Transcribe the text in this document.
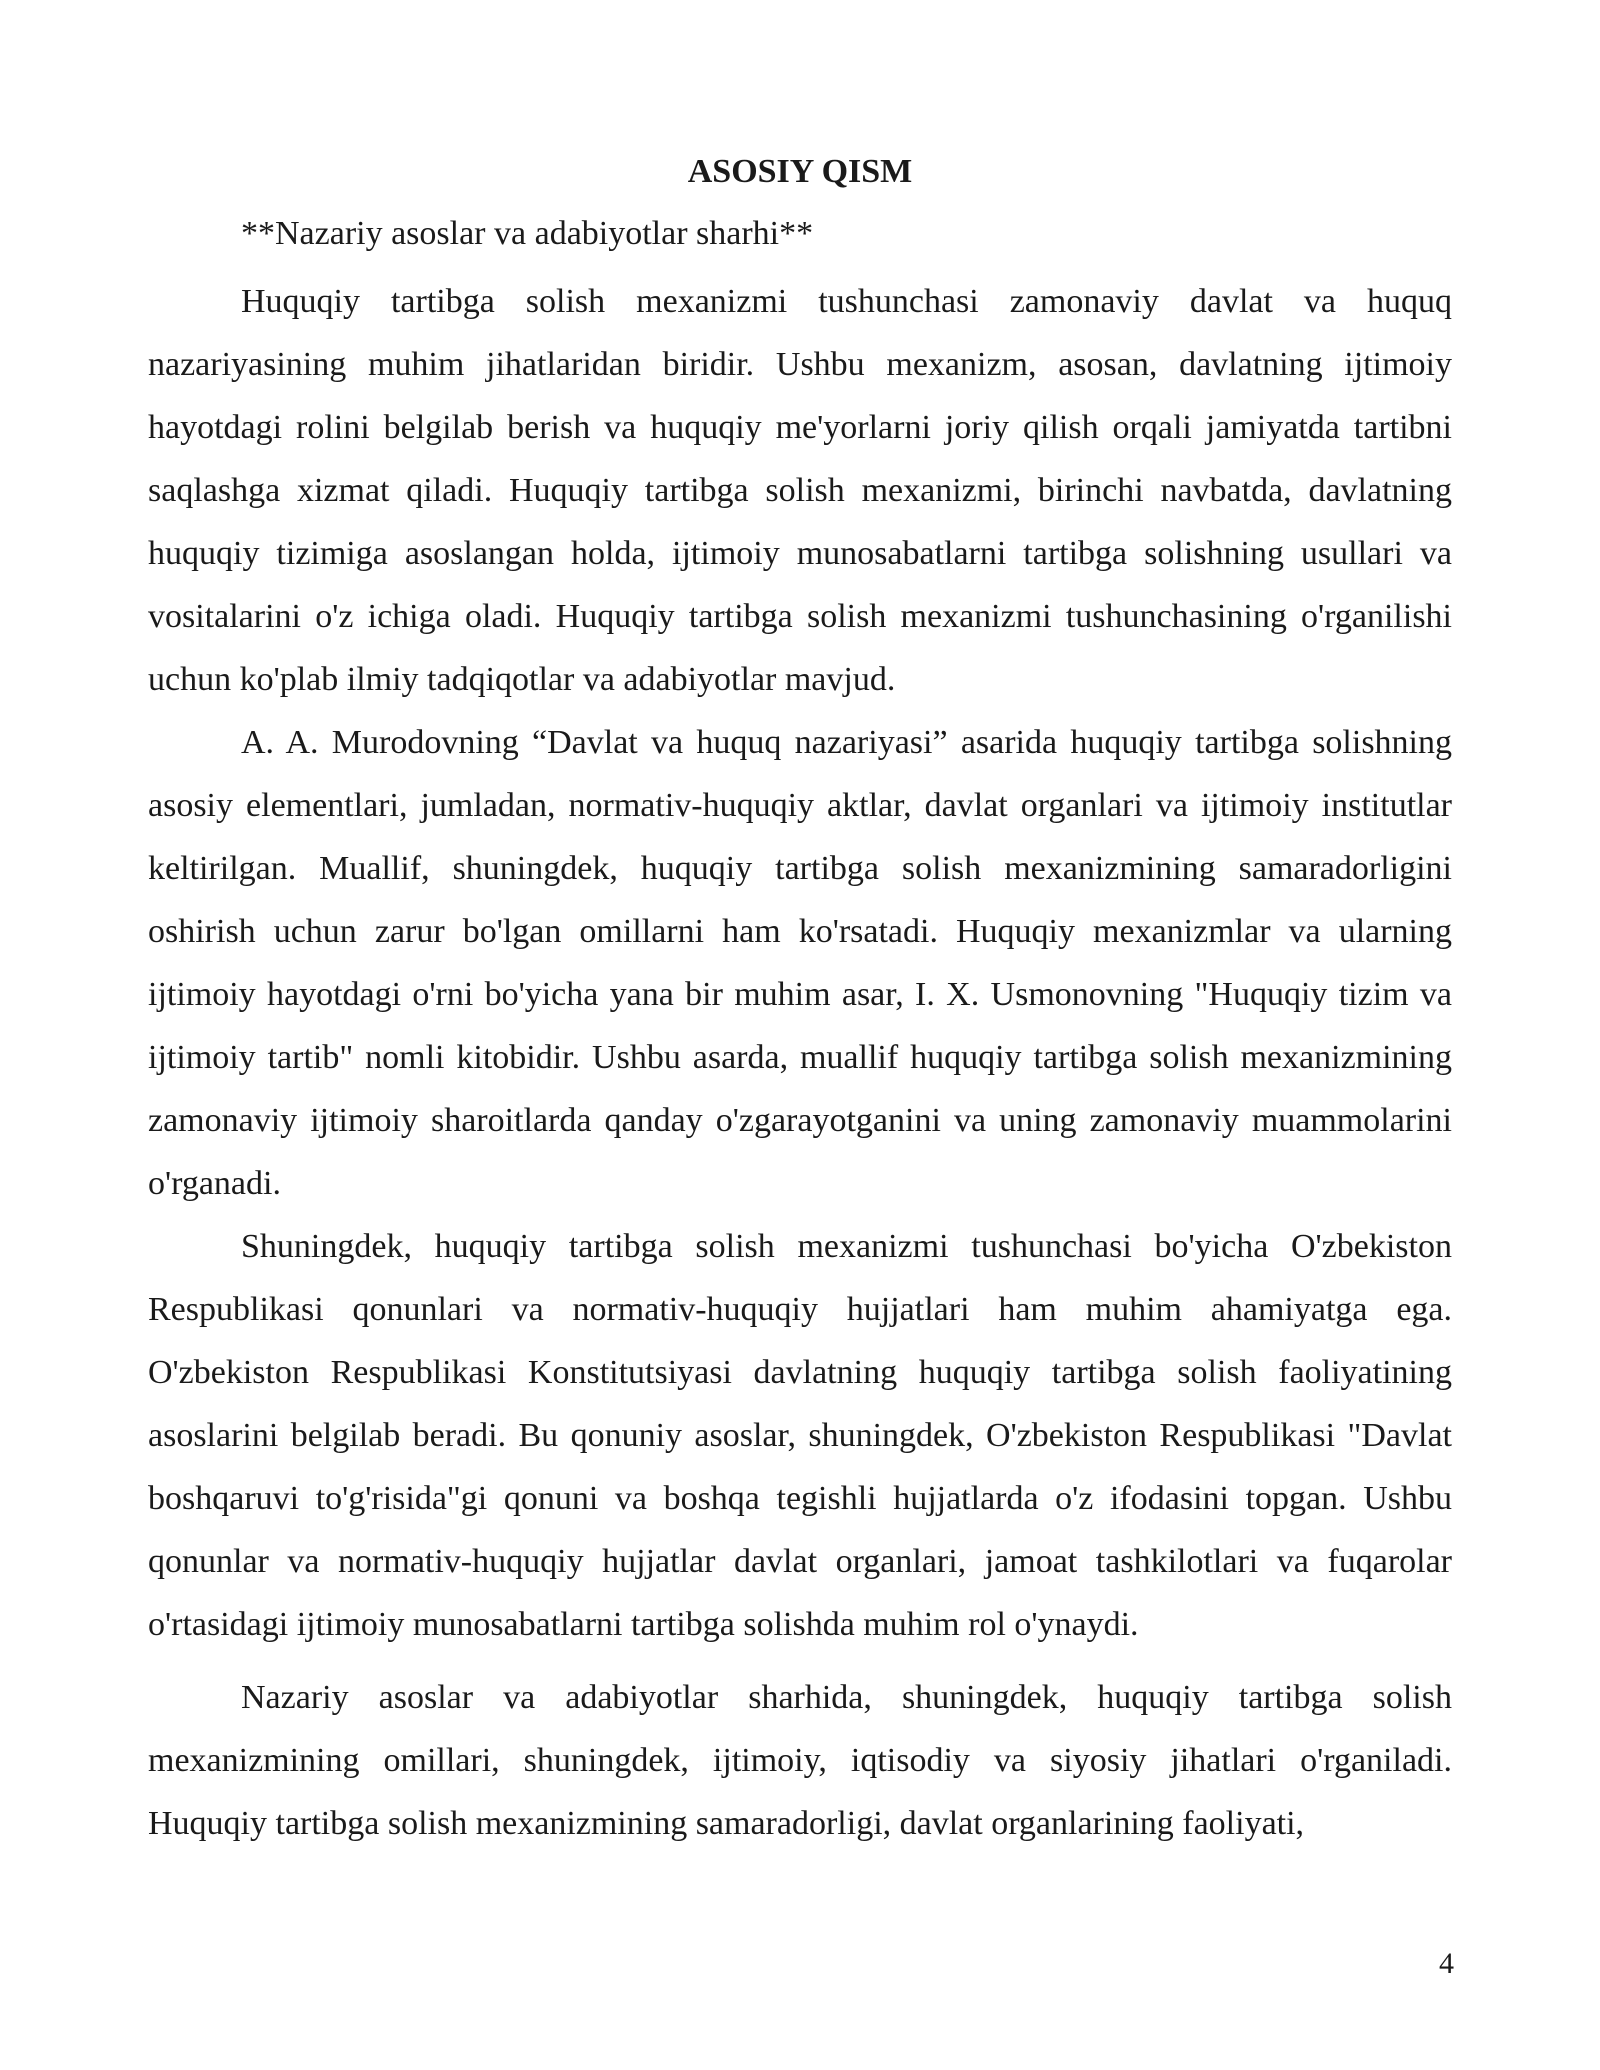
ASOSIY QISM

**Nazariy asoslar va adabiyotlar sharhi**

Huquqiy tartibga solish mexanizmi tushunchasi zamonaviy davlat va huquq nazariyasining muhim jihatlaridan biridir. Ushbu mexanizm, asosan, davlatning ijtimoiy hayotdagi rolini belgilab berish va huquqiy me'yorlarni joriy qilish orqali jamiyatda tartibni saqlashga xizmat qiladi. Huquqiy tartibga solish mexanizmi, birinchi navbatda, davlatning huquqiy tizimiga asoslangan holda, ijtimoiy munosabatlarni tartibga solishning usullari va vositalarini o'z ichiga oladi. Huquqiy tartibga solish mexanizmi tushunchasining o'rganilishi uchun ko'plab ilmiy tadqiqotlar va adabiyotlar mavjud.

A. A. Murodovning “Davlat va huquq nazariyasi” asarida huquqiy tartibga solishning asosiy elementlari, jumladan, normativ-huquqiy aktlar, davlat organlari va ijtimoiy institutlar keltirilgan. Muallif, shuningdek, huquqiy tartibga solish mexanizmining samaradorligini oshirish uchun zarur bo'lgan omillarni ham ko'rsatadi. Huquqiy mexanizmlar va ularning ijtimoiy hayotdagi o'rni bo'yicha yana bir muhim asar, I. X. Usmonovning "Huquqiy tizim va ijtimoiy tartib" nomli kitobidir. Ushbu asarda, muallif huquqiy tartibga solish mexanizmining zamonaviy ijtimoiy sharoitlarda qanday o'zgarayotganini va uning zamonaviy muammolarini o'rganadi.

Shuningdek, huquqiy tartibga solish mexanizmi tushunchasi bo'yicha O'zbekiston Respublikasi qonunlari va normativ-huquqiy hujjatlari ham muhim ahamiyatga ega. O'zbekiston Respublikasi Konstitutsiyasi davlatning huquqiy tartibga solish faoliyatining asoslarini belgilab beradi. Bu qonuniy asoslar, shuningdek, O'zbekiston Respublikasi "Davlat boshqaruvi to'g'risida"gi qonuni va boshqa tegishli hujjatlarda o'z ifodasini topgan. Ushbu qonunlar va normativ-huquqiy hujjatlar davlat organlari, jamoat tashkilotlari va fuqarolar o'rtasidagi ijtimoiy munosabatlarni tartibga solishda muhim rol o'ynaydi.

Nazariy asoslar va adabiyotlar sharhida, shuningdek, huquqiy tartibga solish mexanizmining omillari, shuningdek, ijtimoiy, iqtisodiy va siyosiy jihatlari o'rganiladi. Huquqiy tartibga solish mexanizmining samaradorligi, davlat organlarining faoliyati,

4
